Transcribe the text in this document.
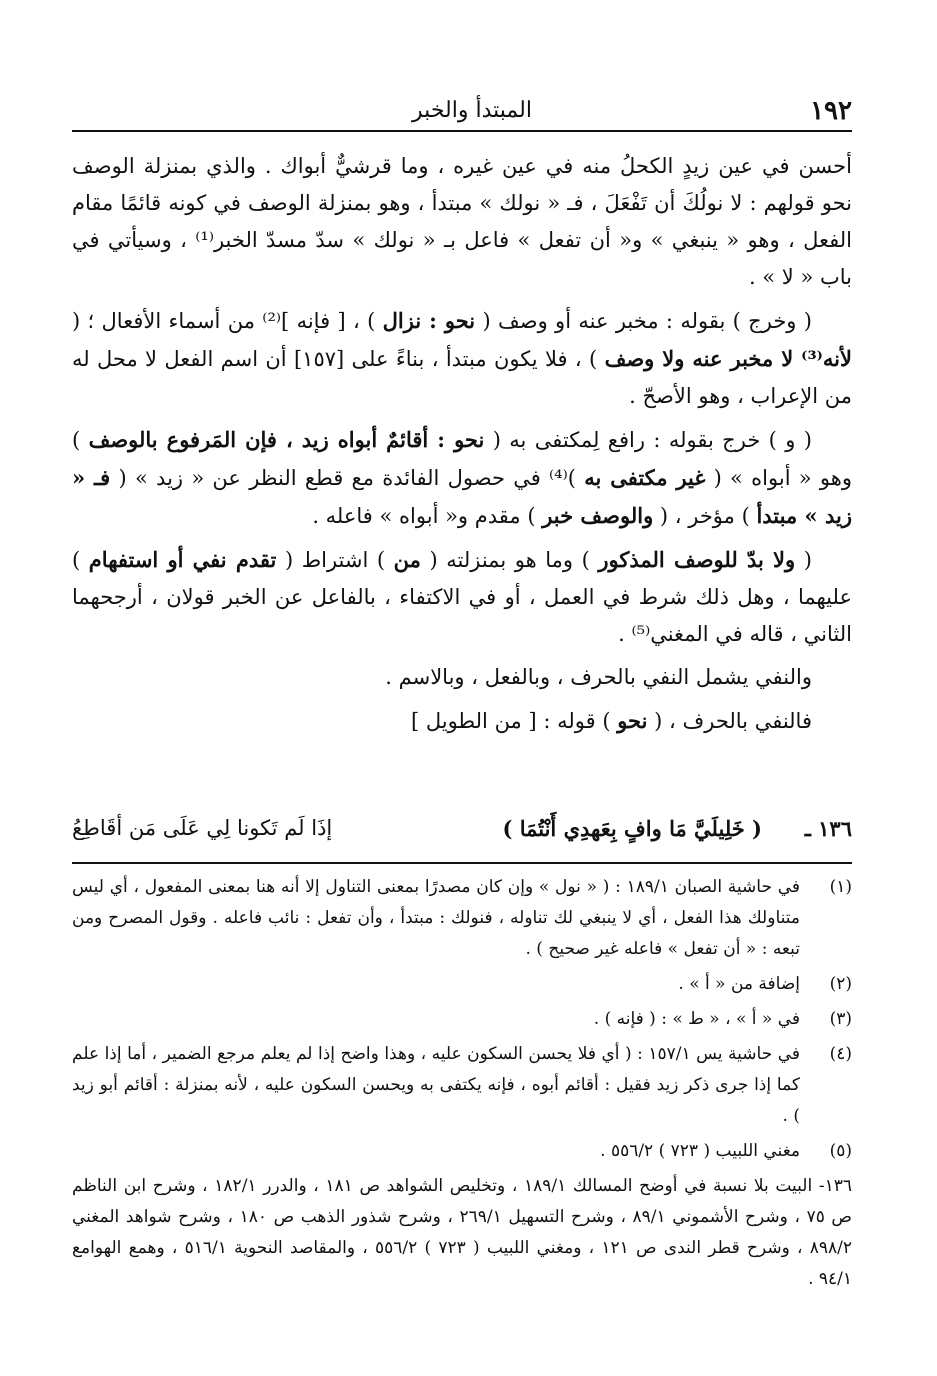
١٩٢
المبتدأ والخبر

أحسن في عين زيدٍ الكحلُ منه في عين غيره ، وما قرشيٌّ أبواك . والذي بمنزلة الوصف نحو قولهم : لا نولُكَ أن تَفْعَلَ ، فـ « نولك » مبتدأ ، وهو بمنزلة الوصف في كونه قائمًا مقام الفعل ، وهو « ينبغي » و« أن تفعل » فاعل بـ « نولك » سدّ مسدّ الخبر⁽¹⁾ ، وسيأتي في باب « لا » .

( وخرج ) بقوله : مخبر عنه أو وصف ( نحو : نزال ) ، [ فإنه ]⁽²⁾ من أسماء الأفعال ؛ ( لأنه⁽³⁾ لا مخبر عنه ولا وصف ) ، فلا يكون مبتدأ ، بناءً على [١٥٧] أن اسم الفعل لا محل له من الإعراب ، وهو الأصحّ .

( و ) خرج بقوله : رافع لِمكتفى به ( نحو : أقائمٌ أبواه زيد ، فإن المَرفوع بالوصف ) وهو « أبواه » ( غير مكتفى به )⁽⁴⁾ في حصول الفائدة مع قطع النظر عن « زيد » ( فـ « زيد » مبتدأ ) مؤخر ، ( والوصف خبر ) مقدم و« أبواه » فاعله .

( ولا بدّ للوصف المذكور ) وما هو بمنزلته ( من ) اشتراط ( تقدم نفي أو استفهام ) عليهما ، وهل ذلك شرط في العمل ، أو في الاكتفاء ، بالفاعل عن الخبر قولان ، أرجحهما الثاني ، قاله في المغني⁽⁵⁾ .

والنفي يشمل النفي بالحرف ، وبالفعل ، وبالاسم .

فالنفي بالحرف ، ( نحو ) قوله : [ من الطويل ]

١٣٦ ـ
( خَلِيلَيَّ مَا وافٍ بِعَهدِي أَنْتُمَا )
إذَا لَم تَكونا لِي عَلَى مَن أقَاطِعُ

(١)
في حاشية الصبان ١٨٩/١ : ( « نول » وإن كان مصدرًا بمعنى التناول إلا أنه هنا بمعنى المفعول ، أي ليس متناولك هذا الفعل ، أي لا ينبغي لك تناوله ، فنولك : مبتدأ ، وأن تفعل : نائب فاعله . وقول المصرح ومن تبعه : « أن تفعل » فاعله غير صحيح ) .

(٢)
إضافة من « أ » .

(٣)
في « أ » ، « ط » : ( فإنه ) .

(٤)
في حاشية يس ١٥٧/١ : ( أي فلا يحسن السكون عليه ، وهذا واضح إذا لم يعلم مرجع الضمير ، أما إذا علم كما إذا جرى ذكر زيد فقيل : أقائم أبوه ، فإنه يكتفى به ويحسن السكون عليه ، لأنه بمنزلة : أقائم أبو زيد ) .

(٥)
مغني اللبيب ( ٧٢٣ ) ٥٥٦/٢ .

١٣٦- البيت بلا نسبة في أوضح المسالك ١٨٩/١ ، وتخليص الشواهد ص ١٨١ ، والدرر ١٨٢/١ ، وشرح ابن الناظم ص ٧٥ ، وشرح الأشموني ٨٩/١ ، وشرح التسهيل ٢٦٩/١ ، وشرح شذور الذهب ص ١٨٠ ، وشرح شواهد المغني ٨٩٨/٢ ، وشرح قطر الندى ص ١٢١ ، ومغني اللبيب ( ٧٢٣ ) ٥٥٦/٢ ، والمقاصد النحوية ٥١٦/١ ، وهمع الهوامع ٩٤/١ .
